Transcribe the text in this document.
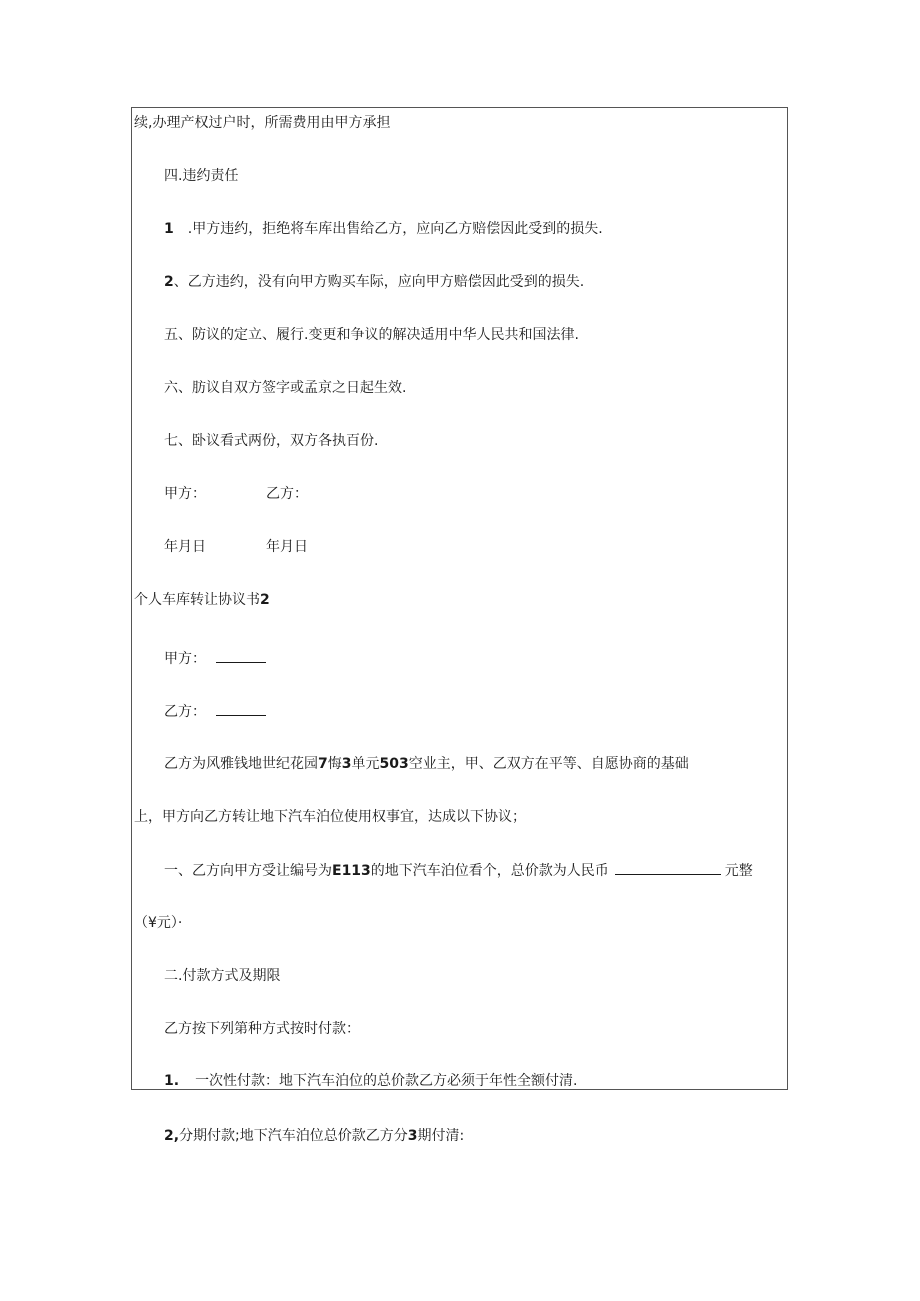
续,办理产权过户时，所需费用由甲方承担
四.违约责任
1 .甲方违约，拒绝将车库出售给乙方，应向乙方赔偿因此受到的损失.
2、乙方违约，没有向甲方购买车际，应向甲方赔偿因此受到的损失.
五、防议的定立、履行.变更和争议的解决适用中华人民共和国法律.
六、肪议自双方签字或孟京之日起生效.
七、卧议看式两份，双方各执百份.
甲方：	乙方：
年月日	年月日
个人车库转让协议书2
甲方：
乙方：
乙方为风雅钱地世纪花园7悔3单元503空业主，甲、乙双方在平等、自愿协商的基础
上，甲方向乙方转让地下汽车泊位使用权事宜，达成以下协议；
一、乙方向甲方受让编号为E113的地下汽车泊位看个，总价款为人民币	元整
（¥元）·
二.付款方式及期限
乙方按下列第种方式按时付款：
1. 一次性付款：地下汽车泊位的总价款乙方必须于年性全额付清.
2,分期付款;地下汽车泊位总价款乙方分3期付清:
